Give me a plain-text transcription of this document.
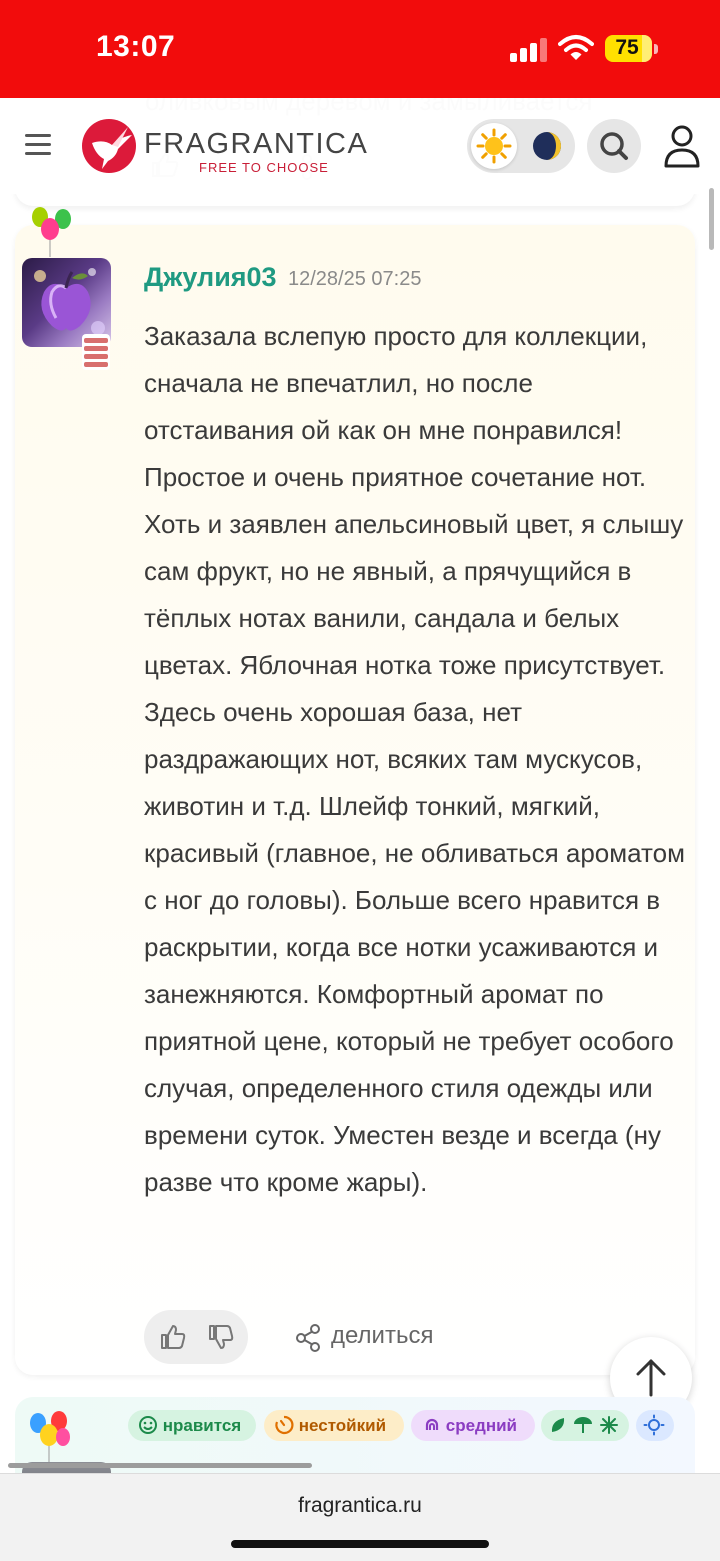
13:07	75
FRAGRANTICA
FREE TO CHOOSE
Джулия03 12/28/25 07:25
Заказала вслепую просто для коллекции, сначала не впечатлил, но после отстаивания ой как он мне понравился! Простое и очень приятное сочетание нот. Хоть и заявлен апельсиновый цвет, я слышу сам фрукт, но не явный, а прячущийся в тёплых нотах ванили, сандала и белых цветах. Яблочная нотка тоже присутствует. Здесь очень хорошая база, нет раздражающих нот, всяких там мускусов, животин и т.д. Шлейф тонкий, мягкий, красивый (главное, не обливаться ароматом с ног до головы). Больше всего нравится в раскрытии, когда все нотки усаживаются и занежняются. Комфортный аромат по приятной цене, который не требует особого случая, определенного стиля одежды или времени суток. Уместен везде и всегда (ну разве что кроме жары).
делиться
нравится	нестойкий	средний
fragrantica.ru
